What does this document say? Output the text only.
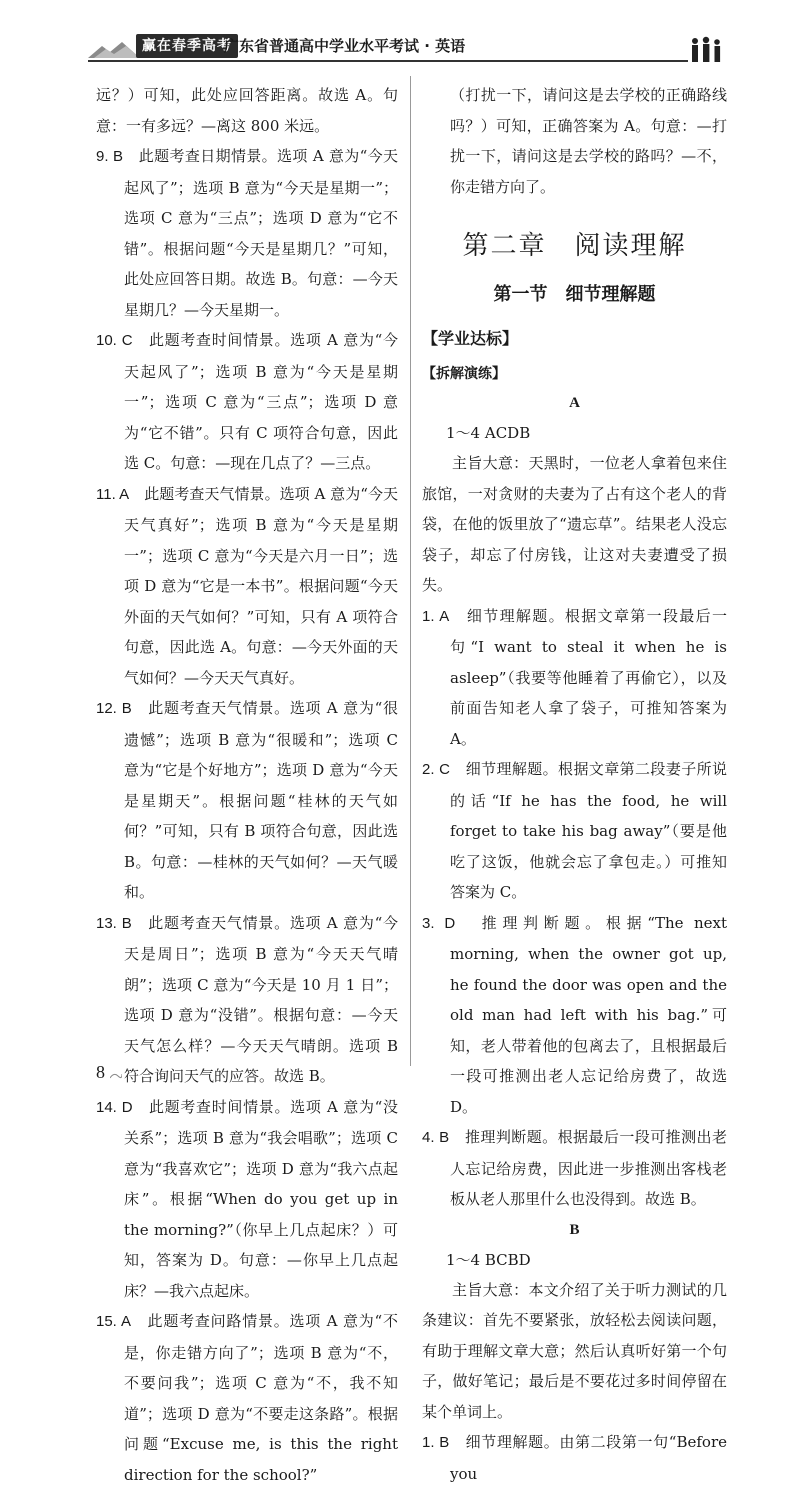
赢在春季高考
广东省普通高中学业水平考试 · 英语

远？）可知，此处应回答距离。故选 A。句意：一有多远？—离这 800 米远。

9. B　 此题考查日期情景。选项 A 意为“今天起风了”；选项 B 意为“今天是星期一”；选项 C 意为“三点”；选项 D 意为“它不错”。根据问题“今天是星期几？”可知，此处应回答日期。故选 B。句意：—今天星期几？—今天星期一。

10. C　 此题考查时间情景。选项 A 意为“今天起风了”；选项 B 意为“今天是星期一”；选项 C 意为“三点”；选项 D 意为“它不错”。只有 C 项符合句意，因此选 C。句意：—现在几点了？—三点。

11. A　 此题考查天气情景。选项 A 意为“今天天气真好”；选项 B 意为“今天是星期一”；选项 C 意为“今天是六月一日”；选项 D 意为“它是一本书”。根据问题“今天外面的天气如何？”可知，只有 A 项符合句意，因此选 A。句意：—今天外面的天气如何？—今天天气真好。

12. B　 此题考查天气情景。选项 A 意为“很遗憾”；选项 B 意为“很暖和”；选项 C 意为“它是个好地方”；选项 D 意为“今天是星期天”。根据问题“桂林的天气如何？”可知，只有 B 项符合句意，因此选 B。句意：—桂林的天气如何？—天气暖和。

13. B　 此题考查天气情景。选项 A 意为“今天是周日”；选项 B 意为“今天天气晴朗”；选项 C 意为“今天是 10 月 1 日”；选项 D 意为“没错”。根据句意：—今天天气怎么样？—今天天气晴朗。选项 B 符合询问天气的应答。故选 B。

14. D　 此题考查时间情景。选项 A 意为“没关系”；选项 B 意为“我会唱歌”；选项 C 意为“我喜欢它”；选项 D 意为“我六点起床”。根据“When do you get up in the morning?”（你早上几点起床？）可知，答案为 D。句意：—你早上几点起床？—我六点起床。

15. A　 此题考查问路情景。选项 A 意为“不是，你走错方向了”；选项 B 意为“不，不要问我”；选项 C 意为“不，我不知道”；选项 D 意为“不要走这条路”。根据问题“Excuse me, is this the right direction for the school?”

（打扰一下，请问这是去学校的正确路线吗？）可知，正确答案为 A。句意：—打扰一下，请问这是去学校的路吗？—不，你走错方向了。

第二章　阅读理解
第一节　细节理解题
【学业达标】
【拆解演练】

A

1～4 ACDB

主旨大意：天黑时，一位老人拿着包来住旅馆，一对贪财的夫妻为了占有这个老人的背袋，在他的饭里放了“遗忘草”。结果老人没忘袋子，却忘了付房钱，让这对夫妻遭受了损失。

1. A　 细节理解题。根据文章第一段最后一句“I want to steal it when he is asleep”（我要等他睡着了再偷它），以及前面告知老人拿了袋子，可推知答案为 A。

2. C　 细节理解题。根据文章第二段妻子所说的话“If he has the food, he will forget to take his bag away”（要是他吃了这饭，他就会忘了拿包走。）可推知答案为 C。

3. D　 推理判断题。根据“The next morning, when the owner got up, he found the door was open and the old man had left with his bag.”可知，老人带着他的包离去了，且根据最后一段可推测出老人忘记给房费了，故选 D。

4. B　 推理判断题。根据最后一段可推测出老人忘记给房费，因此进一步推测出客栈老板从老人那里什么也没得到。故选 B。

B

1～4 BCBD

主旨大意：本文介绍了关于听力测试的几条建议：首先不要紧张，放轻松去阅读问题，有助于理解文章大意；然后认真听好第一个句子，做好笔记；最后是不要花过多时间停留在某个单词上。

1. B　 细节理解题。由第二段第一句“Before you

8
